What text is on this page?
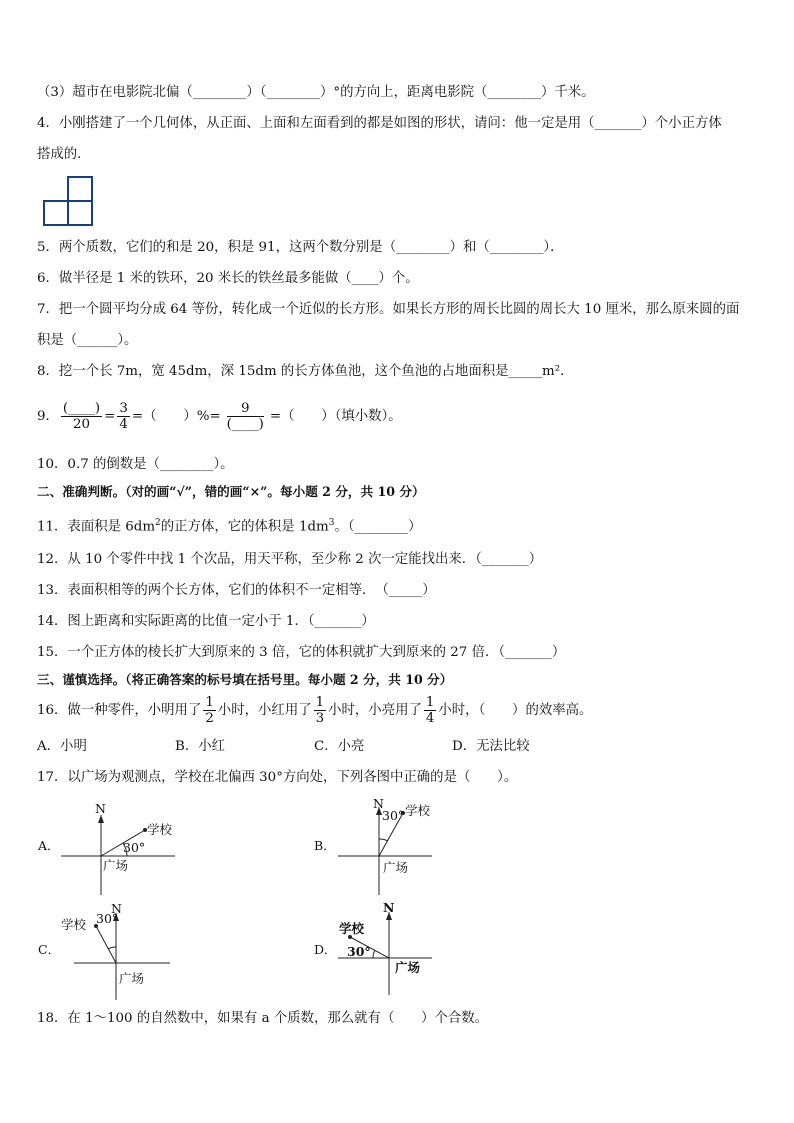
（3）超市在电影院北偏（________）（________）°的方向上，距离电影院（________）千米。
4．小刚搭建了一个几何体，从正面、上面和左面看到的都是如图的形状，请问：他一定是用（_______）个小正方体
搭成的．
5．两个质数，它们的和是 20，积是 91，这两个数分别是（________）和（________）．
6．做半径是 1 米的铁环，20 米长的铁丝最多能做（____）个。
7．把一个圆平均分成 64 等份，转化成一个近似的长方形。如果长方形的周长比圆的周长大 10 厘米，那么原来圆的面
积是（______）。
8．挖一个长 7m，宽 45dm，深 15dm 的长方体鱼池，这个鱼池的占地面积是_____m²．
9． $\frac{(\_\_\_\_)}{20} = \frac{3}{4}$ =（　　）%= $\frac{9}{(\_\_\_\_)}$ =（　　）（填小数）。
10．0.7 的倒数是（________）。
二、准确判断。（对的画“√”，错的画“×”。每小题 2 分，共 10 分）
11．表面积是 $6dm^2$的正方体，它的体积是 $1dm^3$。（________）
12．从 10 个零件中找 1 个次品，用天平称，至少称 2 次一定能找出来．（_______）
13．表面积相等的两个长方体，它们的体积不一定相等．　（_____）
14．图上距离和实际距离的比值一定小于 1．（_______）
15．一个正方体的棱长扩大到原来的 3 倍，它的体积就扩大到原来的 27 倍．（_______）
三、谨慎选择。（将正确答案的标号填在括号里。每小题 2 分，共 10 分）
16．做一种零件，小明用了 $\frac{1}{2}$ 小时，小红用了 $\frac{1}{3}$ 小时，小亮用了 $\frac{1}{4}$ 小时，（　　）的效率高。
A．小明	B．小红	C．小亮	D．无法比较
17．以广场为观测点，学校在北偏西 30°方向处，下列各图中正确的是（　　）。
A．
N
学校
30°
广场
B．
N 学校
30°
广场
C．
N
学校 30°
广场
D．
N
学校
30°
广场
18．在 1～100 的自然数中，如果有 a 个质数，那么就有（　　）个合数。
